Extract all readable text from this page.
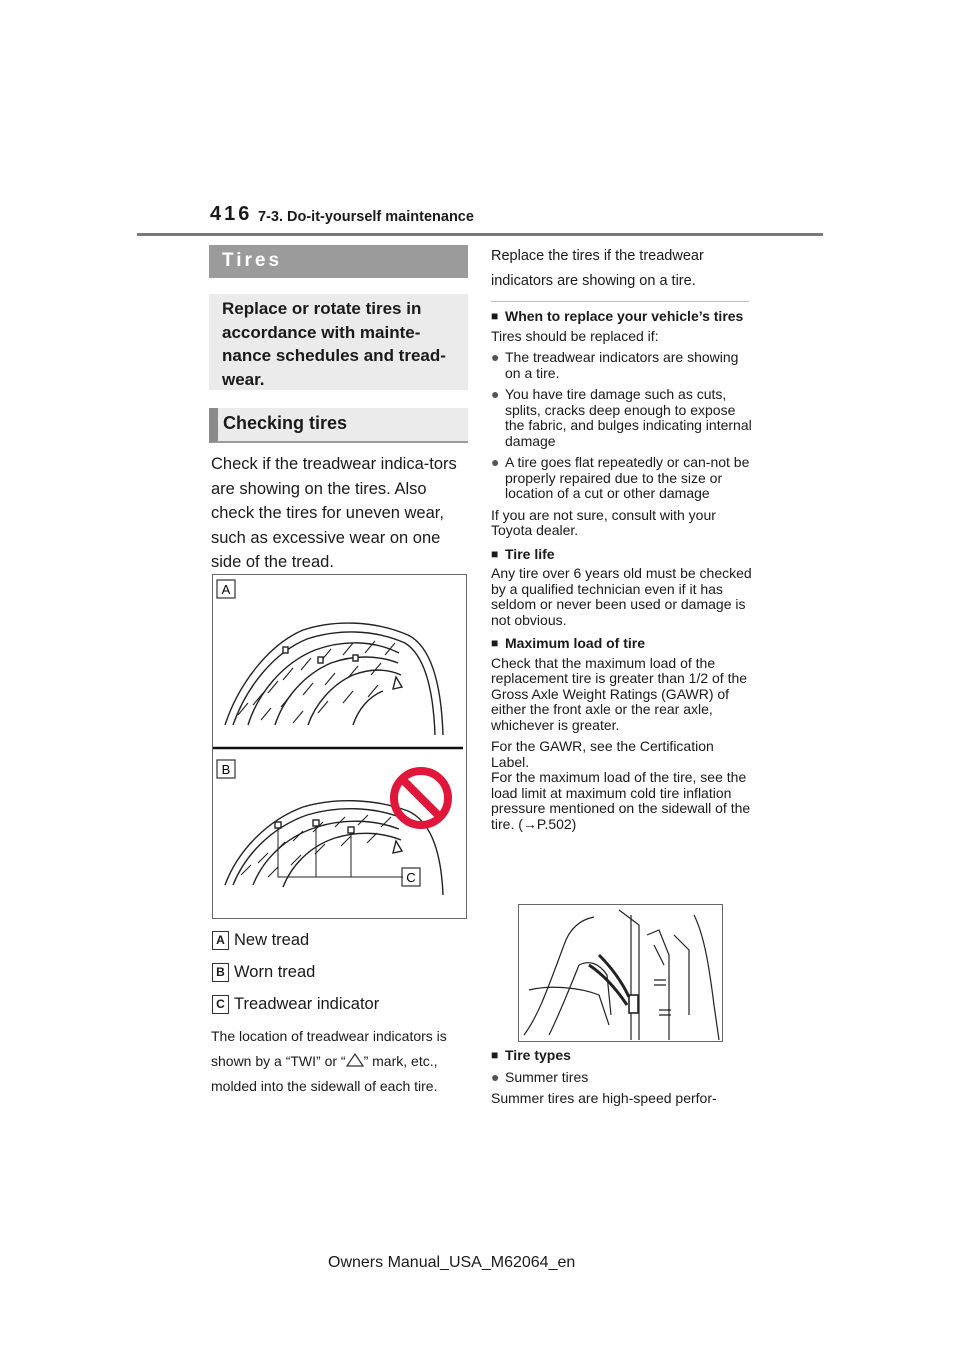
416 7-3. Do-it-yourself maintenance
Tires
Replace or rotate tires in accordance with mainte-nance schedules and tread-wear.
Checking tires
Check if the treadwear indica-tors are showing on the tires. Also check the tires for uneven wear, such as excessive wear on one side of the tread.
A
B
C
A New tread
B Worn tread
C Treadwear indicator
The location of treadwear indicators is shown by a “TWI” or “ ” mark, etc., molded into the sidewall of each tire.
Replace the tires if the treadwear indicators are showing on a tire.
■ When to replace your vehicle’s tires
Tires should be replaced if:
● The treadwear indicators are showing on a tire.
● You have tire damage such as cuts, splits, cracks deep enough to expose the fabric, and bulges indicating internal damage
● A tire goes flat repeatedly or can-not be properly repaired due to the size or location of a cut or other damage
If you are not sure, consult with your Toyota dealer.
■ Tire life
Any tire over 6 years old must be checked by a qualified technician even if it has seldom or never been used or damage is not obvious.
■ Maximum load of tire
Check that the maximum load of the replacement tire is greater than 1/2 of the Gross Axle Weight Ratings (GAWR) of either the front axle or the rear axle, whichever is greater.
For the GAWR, see the Certification Label.
For the maximum load of the tire, see the load limit at maximum cold tire inflation pressure mentioned on the sidewall of the tire. (→P.502)
■ Tire types
● Summer tires
Summer tires are high-speed perfor-
Owners Manual_USA_M62064_en
